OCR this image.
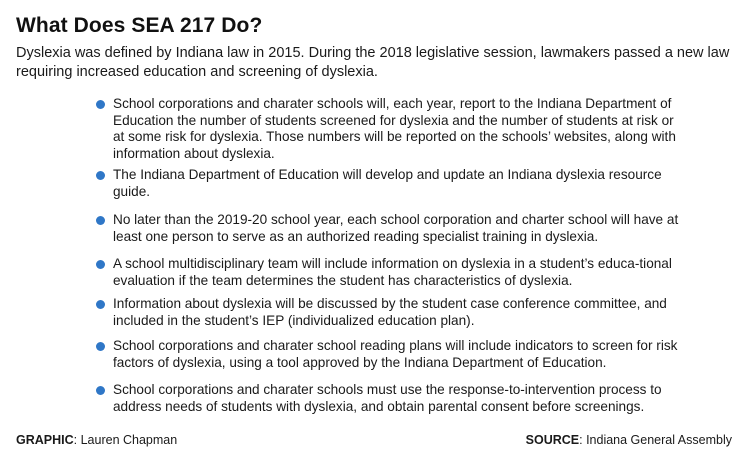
What Does SEA 217 Do?
Dyslexia was defined by Indiana law in 2015. During the 2018 legislative session, lawmakers passed a new law requiring increased education and screening of dyslexia.
School corporations and charater schools will, each year, report to the Indiana Department of Education the number of students screened for dyslexia and the number of students at risk or at some risk for dyslexia. Those numbers will be reported on the schools’ websites, along with information about dyslexia.
The Indiana Department of Education will develop and update an Indiana dyslexia resource guide.
No later than the 2019-20 school year, each school corporation and charter school will have at least one person to serve as an authorized reading specialist training in dyslexia.
A school multidisciplinary team will include information on dyslexia in a student’s educa-tional evaluation if the team determines the student has characteristics of dyslexia.
Information about dyslexia will be discussed by the student case conference committee, and included in the student’s IEP (individualized education plan).
School corporations and charater school reading plans will include indicators to screen for risk factors of dyslexia, using a tool approved by the Indiana Department of Education.
School corporations and charater schools must use the response-to-intervention process to address needs of students with dyslexia, and obtain parental consent before screenings.
GRAPHIC: Lauren Chapman	SOURCE: Indiana General Assembly
